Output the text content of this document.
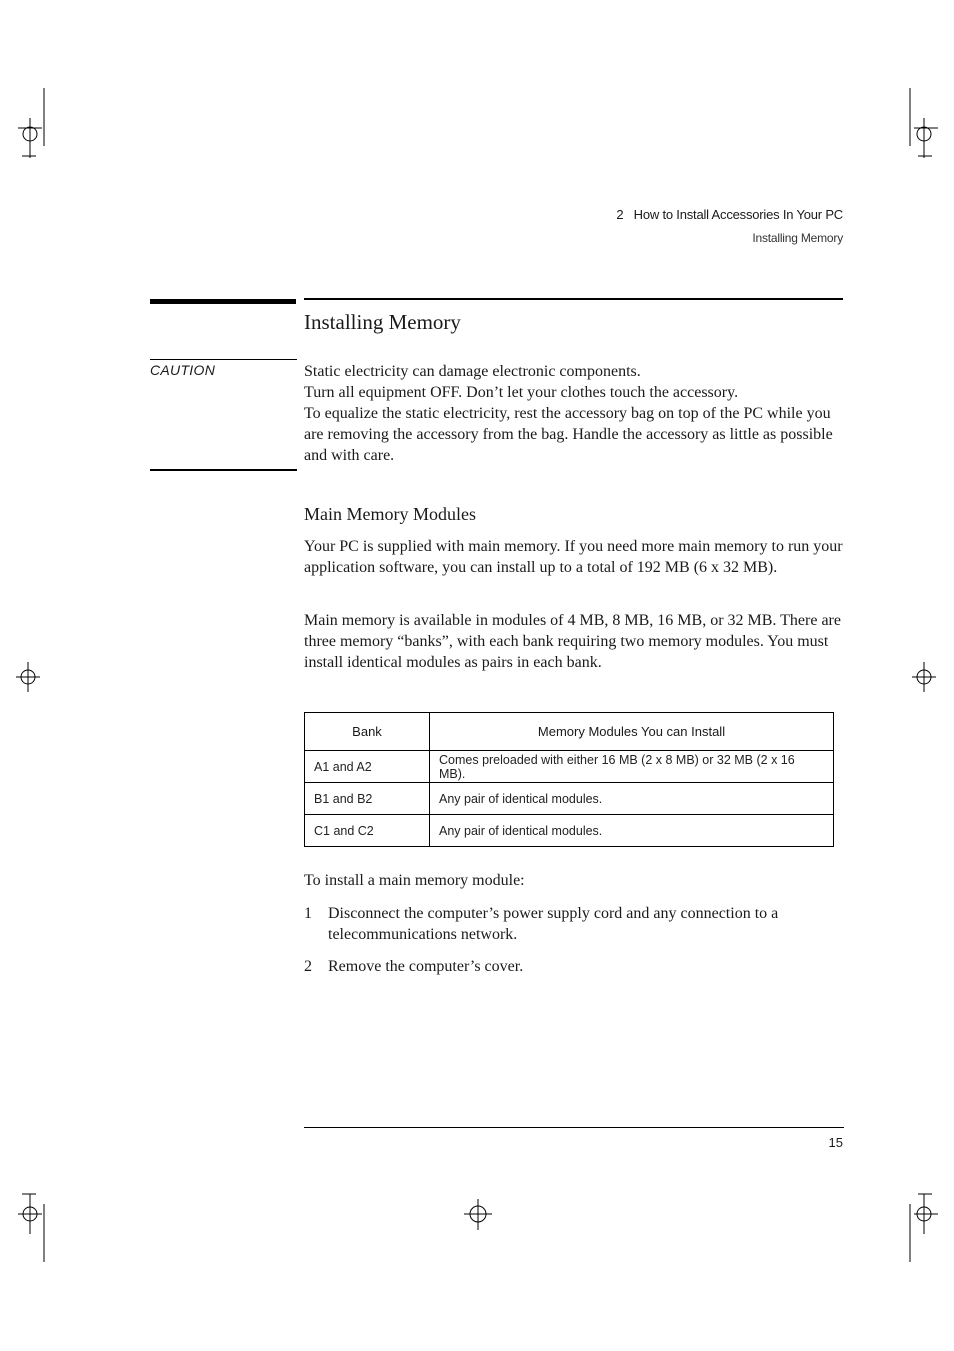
2   How to Install Accessories In Your PC
Installing Memory
Installing Memory
CAUTION	Static electricity can damage electronic components.

Turn all equipment OFF. Don’t let your clothes touch the accessory.

To equalize the static electricity, rest the accessory bag on top of the PC while you are removing the accessory from the bag. Handle the accessory as little as possible and with care.

Main Memory Modules

Your PC is supplied with main memory. If you need more main memory to run your application software, you can install up to a total of 192 MB (6 x 32 MB).

Main memory is available in modules of 4 MB, 8 MB, 16 MB, or 32 MB. There are three memory “banks”, with each bank requiring two memory modules. You must install identical modules as pairs in each bank.

Bank	Memory Modules You can Install
A1 and A2	Comes preloaded with either 16 MB (2 x 8 MB) or 32 MB (2 x 16 MB).
B1 and B2	Any pair of identical modules.
C1 and C2	Any pair of identical modules.
To install a main memory module:
1 Disconnect the computer’s power supply cord and any connection to a telecommunications network.
2 Remove the computer’s cover.
15
